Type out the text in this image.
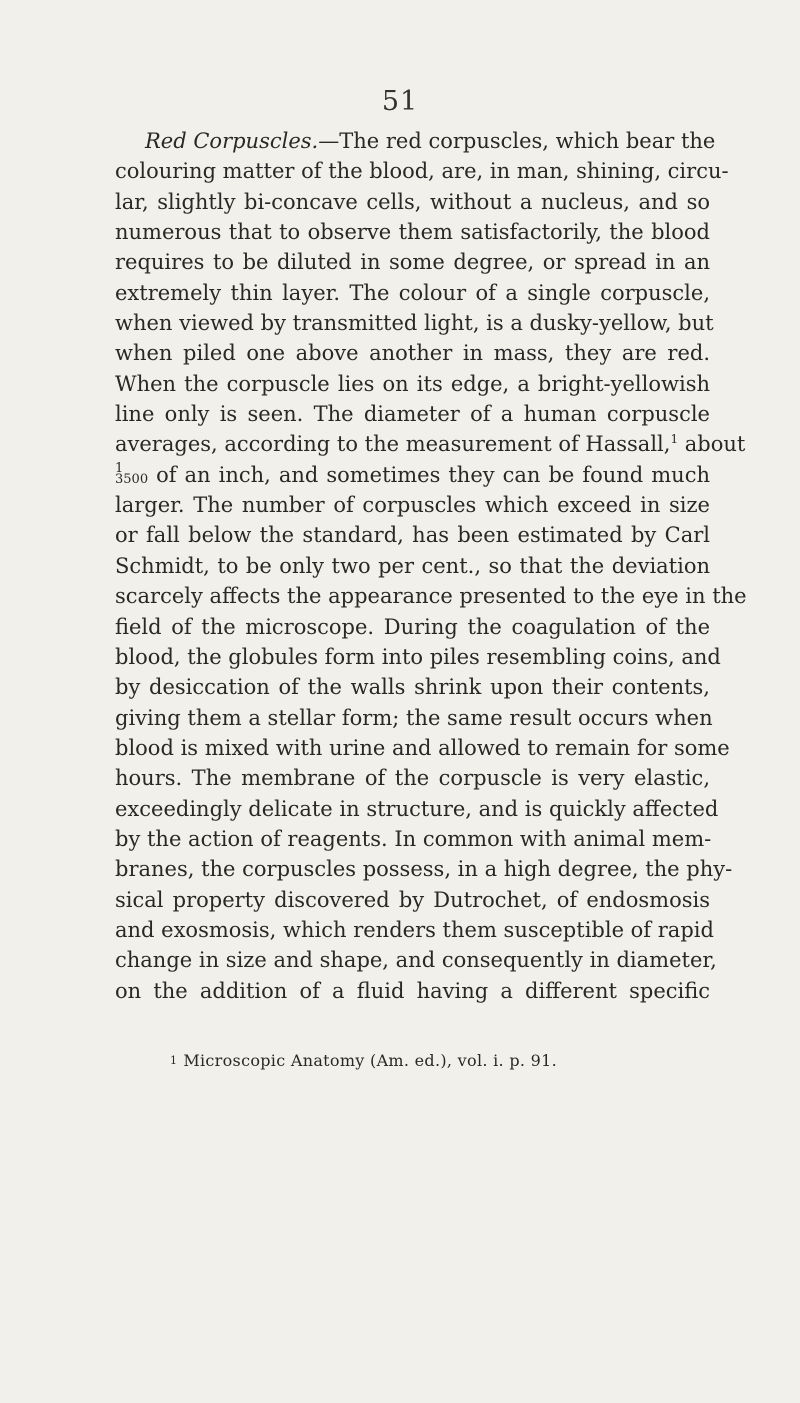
51
Red Corpuscles.—The red corpuscles, which bear the
colouring matter of the blood, are, in man, shining, circu-
lar, slightly bi-concave cells, without a nucleus, and so
numerous that to observe them satisfactorily, the blood
requires to be diluted in some degree, or spread in an
extremely thin layer. The colour of a single corpuscle,
when viewed by transmitted light, is a dusky-yellow, but
when piled one above another in mass, they are red.
When the corpuscle lies on its edge, a bright-yellowish
line only is seen. The diameter of a human corpuscle
averages, according to the measurement of Hassall,$^1$ about
1
3500 of an inch, and sometimes they can be found much
larger. The number of corpuscles which exceed in size
or fall below the standard, has been estimated by Carl
Schmidt, to be only two per cent., so that the deviation
scarcely affects the appearance presented to the eye in the
field of the microscope. During the coagulation of the
blood, the globules form into piles resembling coins, and
by desiccation of the walls shrink upon their contents,
giving them a stellar form; the same result occurs when
blood is mixed with urine and allowed to remain for some
hours. The membrane of the corpuscle is very elastic,
exceedingly delicate in structure, and is quickly affected
by the action of reagents. In common with animal mem-
branes, the corpuscles possess, in a high degree, the phy-
sical property discovered by Dutrochet, of endosmosis
and exosmosis, which renders them susceptible of rapid
change in size and shape, and consequently in diameter,
on the addition of a fluid having a different specific
1 Microscopic Anatomy (Am. ed.), vol. i. p. 91.
